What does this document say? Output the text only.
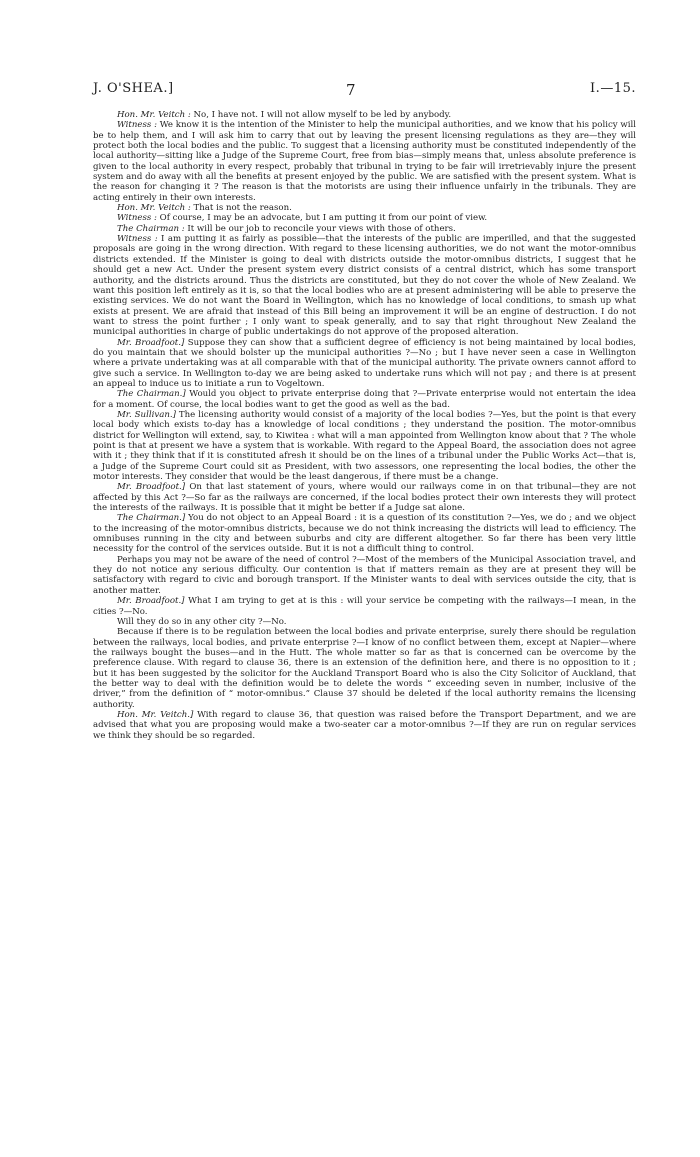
J. O'SHEA.]	7	I.—15.

Hon. Mr. Veitch : No, I have not. I will not allow myself to be led by anybody.

Witness : We know it is the intention of the Minister to help the municipal authorities, and we know that his policy will be to help them, and I will ask him to carry that out by leaving the present licensing regulations as they are—they will protect both the local bodies and the public. To suggest that a licensing authority must be constituted independently of the local authority—sitting like a Judge of the Supreme Court, free from bias—simply means that, unless absolute preference is given to the local authority in every respect, probably that tribunal in trying to be fair will irretrievably injure the present system and do away with all the benefits at present enjoyed by the public. We are satisfied with the present system. What is the reason for changing it ? The reason is that the motorists are using their influence unfairly in the tribunals. They are acting entirely in their own interests.

Hon. Mr. Veitch : That is not the reason.

Witness : Of course, I may be an advocate, but I am putting it from our point of view.

The Chairman : It will be our job to reconcile your views with those of others.

Witness : I am putting it as fairly as possible—that the interests of the public are imperilled, and that the suggested proposals are going in the wrong direction. With regard to these licensing authorities, we do not want the motor-omnibus districts extended. If the Minister is going to deal with districts outside the motor-omnibus districts, I suggest that he should get a new Act. Under the present system every district consists of a central district, which has some transport authority, and the districts around. Thus the districts are constituted, but they do not cover the whole of New Zealand. We want this position left entirely as it is, so that the local bodies who are at present administering will be able to preserve the existing services. We do not want the Board in Wellington, which has no knowledge of local conditions, to smash up what exists at present. We are afraid that instead of this Bill being an improvement it will be an engine of destruction. I do not want to stress the point further ; I only want to speak generally, and to say that right throughout New Zealand the municipal authorities in charge of public undertakings do not approve of the proposed alteration.

Mr. Broadfoot.] Suppose they can show that a sufficient degree of efficiency is not being maintained by local bodies, do you maintain that we should bolster up the municipal authorities ?—No ; but I have never seen a case in Wellington where a private undertaking was at all comparable with that of the municipal authority. The private owners cannot afford to give such a service. In Wellington to-day we are being asked to undertake runs which will not pay ; and there is at present an appeal to induce us to initiate a run to Vogeltown.

The Chairman.] Would you object to private enterprise doing that ?—Private enterprise would not entertain the idea for a moment. Of course, the local bodies want to get the good as well as the bad.

Mr. Sullivan.] The licensing authority would consist of a majority of the local bodies ?—Yes, but the point is that every local body which exists to-day has a knowledge of local conditions ; they understand the position. The motor-omnibus district for Wellington will extend, say, to Kiwitea : what will a man appointed from Wellington know about that ? The whole point is that at present we have a system that is workable. With regard to the Appeal Board, the association does not agree with it ; they think that if it is constituted afresh it should be on the lines of a tribunal under the Public Works Act—that is, a Judge of the Supreme Court could sit as President, with two assessors, one representing the local bodies, the other the motor interests. They consider that would be the least dangerous, if there must be a change.

Mr. Broadfoot.] On that last statement of yours, where would our railways come in on that tribunal—they are not affected by this Act ?—So far as the railways are concerned, if the local bodies protect their own interests they will protect the interests of the railways. It is possible that it might be better if a Judge sat alone.

The Chairman.] You do not object to an Appeal Board : it is a question of its constitution ?—Yes, we do ; and we object to the increasing of the motor-omnibus districts, because we do not think increasing the districts will lead to efficiency. The omnibuses running in the city and between suburbs and city are different altogether. So far there has been very little necessity for the control of the services outside. But it is not a difficult thing to control.

Perhaps you may not be aware of the need of control ?—Most of the members of the Municipal Association travel, and they do not notice any serious difficulty. Our contention is that if matters remain as they are at present they will be satisfactory with regard to civic and borough transport. If the Minister wants to deal with services outside the city, that is another matter.

Mr. Broadfoot.] What I am trying to get at is this : will your service be competing with the railways—I mean, in the cities ?—No.

Will they do so in any other city ?—No.

Because if there is to be regulation between the local bodies and private enterprise, surely there should be regulation between the railways, local bodies, and private enterprise ?—I know of no conflict between them, except at Napier—where the railways bought the buses—and in the Hutt. The whole matter so far as that is concerned can be overcome by the preference clause. With regard to clause 36, there is an extension of the definition here, and there is no opposition to it ; but it has been suggested by the solicitor for the Auckland Transport Board who is also the City Solicitor of Auckland, that the better way to deal with the definition would be to delete the words “ exceeding seven in number, inclusive of the driver,” from the definition of “ motor-omnibus.” Clause 37 should be deleted if the local authority remains the licensing authority.

Hon. Mr. Veitch.] With regard to clause 36, that question was raised before the Transport Department, and we are advised that what you are proposing would make a two-seater car a motor-omnibus ?—If they are run on regular services we think they should be so regarded.
